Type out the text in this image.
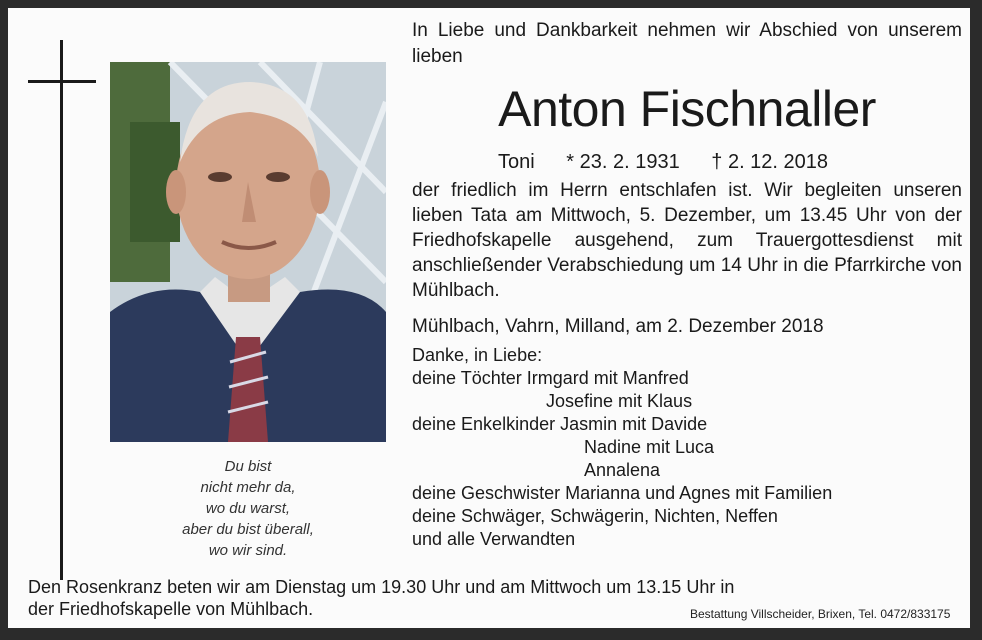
Du bist
nicht mehr da,
wo du warst,
aber du bist überall,
wo wir sind.
In Liebe und Dankbarkeit nehmen wir Abschied von unserem lieben
Anton Fischnaller
Toni * 23. 2. 1931 † 2. 12. 2018
der friedlich im Herrn entschlafen ist. Wir begleiten unseren lieben Tata am Mittwoch, 5. Dezember, um 13.45 Uhr von der Friedhofskapelle ausgehend, zum Trauergottesdienst mit anschließender Verabschiedung um 14 Uhr in die Pfarrkirche von Mühlbach.
Mühlbach, Vahrn, Milland, am 2. Dezember 2018
Danke, in Liebe:
deine Töchter Irmgard mit Manfred
Josefine mit Klaus
deine Enkelkinder Jasmin mit Davide
Nadine mit Luca
Annalena
deine Geschwister Marianna und Agnes mit Familien
deine Schwäger, Schwägerin, Nichten, Neffen
und alle Verwandten
Den Rosenkranz beten wir am Dienstag um 19.30 Uhr und am Mittwoch um 13.15 Uhr in
der Friedhofskapelle von Mühlbach.	Bestattung Villscheider, Brixen, Tel. 0472/833175
